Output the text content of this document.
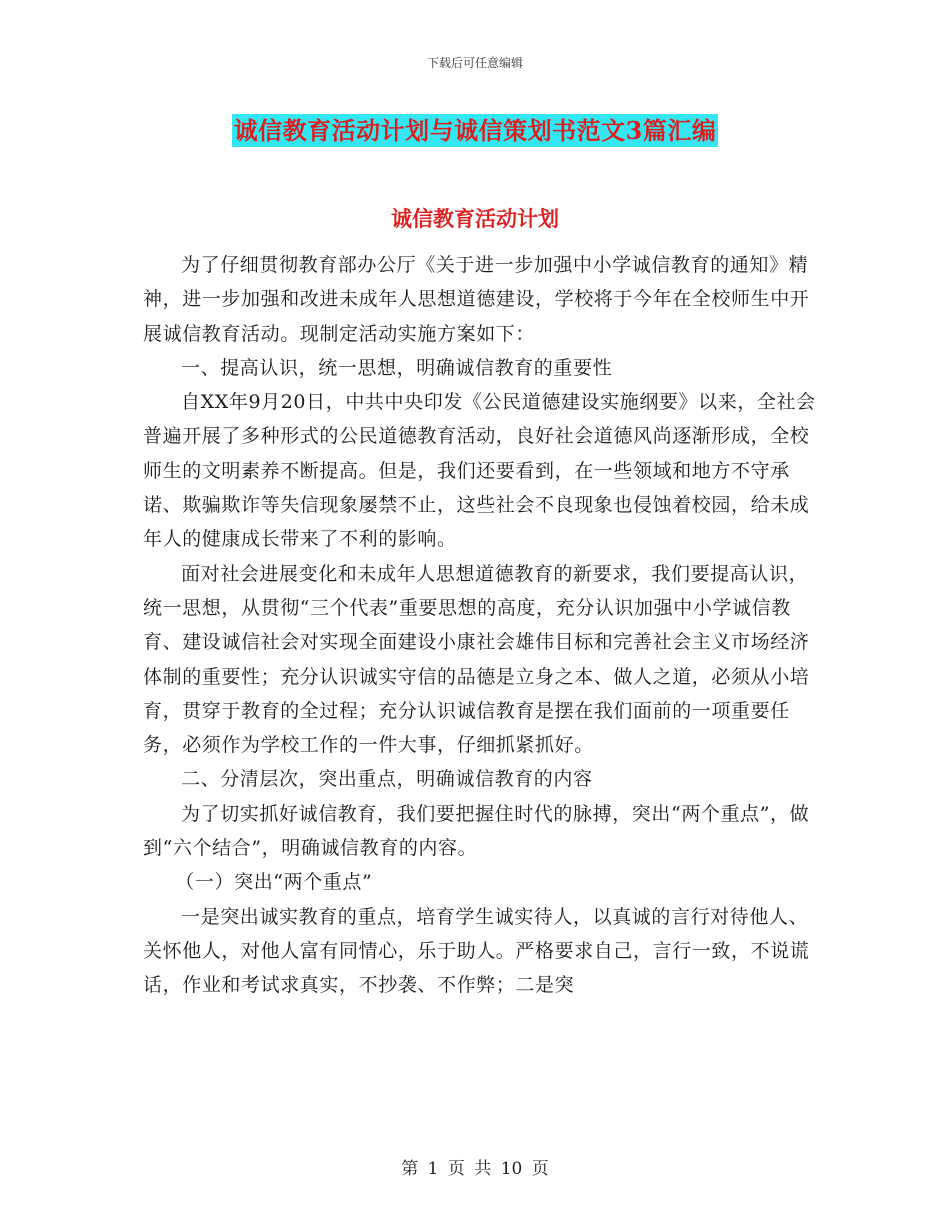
下载后可任意编辑
诚信教育活动计划与诚信策划书范文3篇汇编
诚信教育活动计划

为了仔细贯彻教育部办公厅《关于进一步加强中小学诚信教育的通知》精神，进一步加强和改进未成年人思想道德建设，学校将于今年在全校师生中开展诚信教育活动。现制定活动实施方案如下：

一、提高认识，统一思想，明确诚信教育的重要性

自XX年9月20日，中共中央印发《公民道德建设实施纲要》以来，全社会普遍开展了多种形式的公民道德教育活动，良好社会道德风尚逐渐形成，全校师生的文明素养不断提高。但是，我们还要看到，在一些领域和地方不守承诺、欺骗欺诈等失信现象屡禁不止，这些社会不良现象也侵蚀着校园，给未成年人的健康成长带来了不利的影响。

面对社会进展变化和未成年人思想道德教育的新要求，我们要提高认识，统一思想，从贯彻“三个代表”重要思想的高度，充分认识加强中小学诚信教育、建设诚信社会对实现全面建设小康社会雄伟目标和完善社会主义市场经济体制的重要性；充分认识诚实守信的品德是立身之本、做人之道，必须从小培育，贯穿于教育的全过程；充分认识诚信教育是摆在我们面前的一项重要任务，必须作为学校工作的一件大事，仔细抓紧抓好。

二、分清层次，突出重点，明确诚信教育的内容

为了切实抓好诚信教育，我们要把握住时代的脉搏，突出“两个重点”，做到“六个结合”，明确诚信教育的内容。

（一）突出“两个重点”

一是突出诚实教育的重点，培育学生诚实待人，以真诚的言行对待他人、关怀他人，对他人富有同情心，乐于助人。严格要求自己，言行一致，不说谎话，作业和考试求真实，不抄袭、不作弊；二是突

第 1 页 共 10 页
